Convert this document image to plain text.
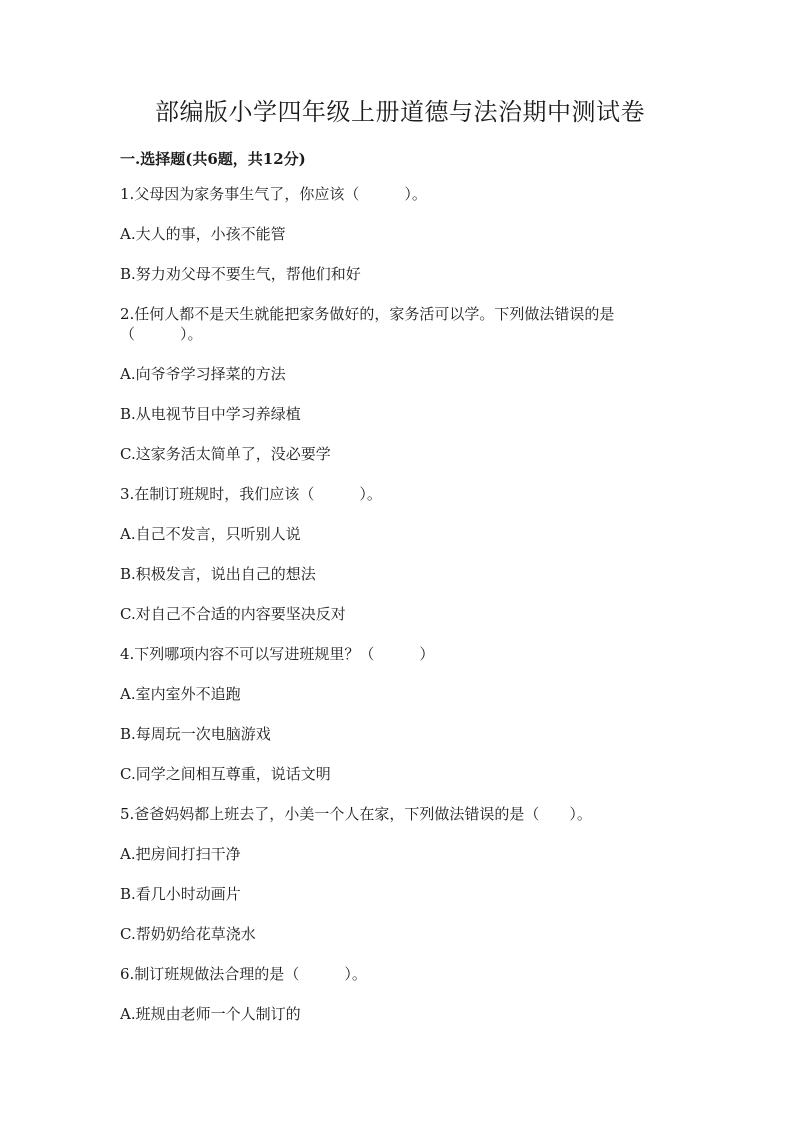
部编版小学四年级上册道德与法治期中测试卷
一.选择题(共6题，共12分)

1.父母因为家务事生气了，你应该（　　　）。

A.大人的事，小孩不能管

B.努力劝父母不要生气，帮他们和好

2.任何人都不是天生就能把家务做好的，家务活可以学。下列做法错误的是（　　　）。

A.向爷爷学习择菜的方法

B.从电视节目中学习养绿植

C.这家务活太简单了，没必要学

3.在制订班规时，我们应该（　　　）。

A.自己不发言，只听别人说

B.积极发言，说出自己的想法

C.对自己不合适的内容要坚决反对

4.下列哪项内容不可以写进班规里？（　　　）

A.室内室外不追跑

B.每周玩一次电脑游戏

C.同学之间相互尊重，说话文明

5.爸爸妈妈都上班去了，小美一个人在家，下列做法错误的是（　　）。

A.把房间打扫干净

B.看几小时动画片

C.帮奶奶给花草浇水

6.制订班规做法合理的是（　　　）。

A.班规由老师一个人制订的
